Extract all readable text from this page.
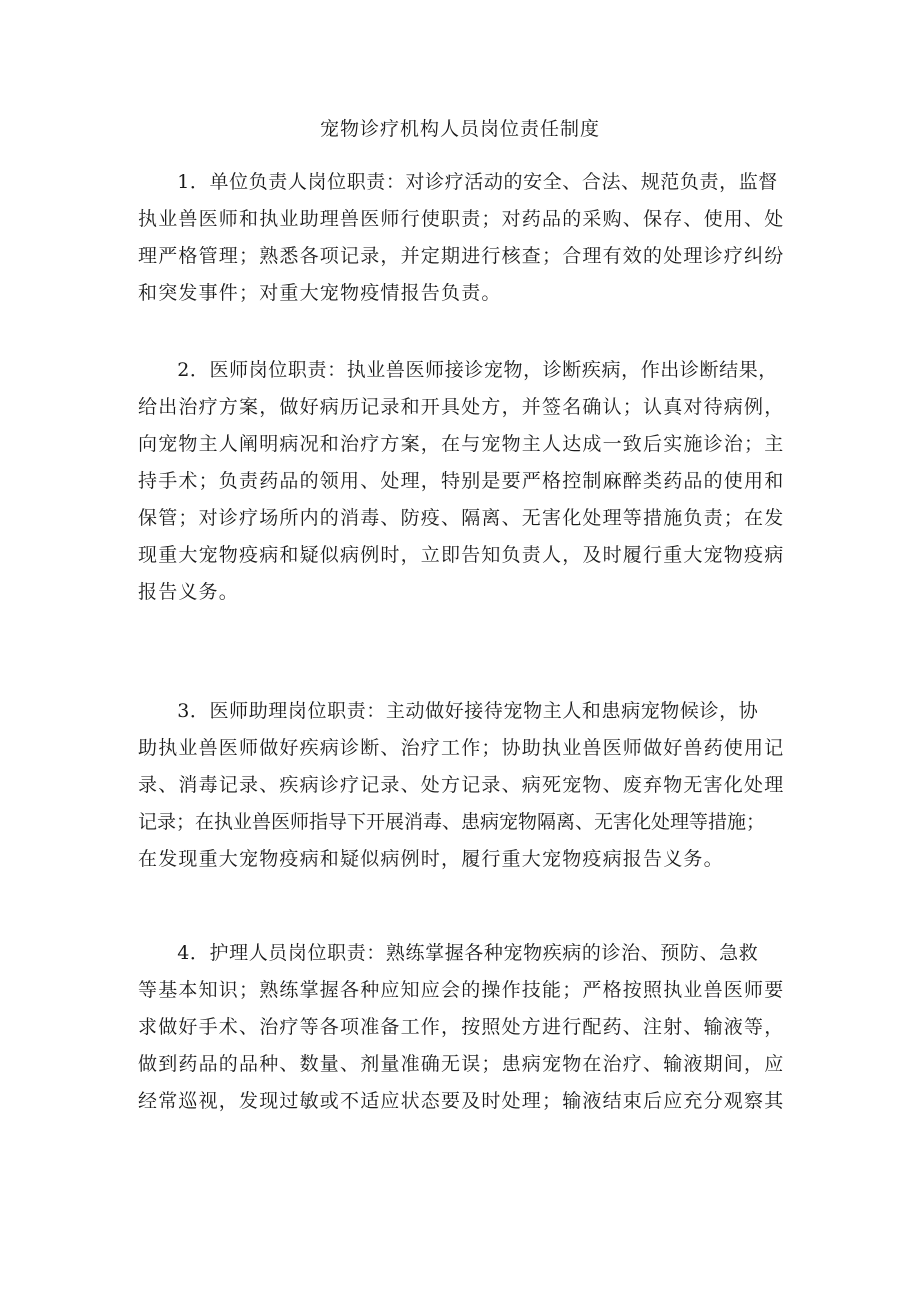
宠物诊疗机构人员岗位责任制度
　　1．单位负责人岗位职责：对诊疗活动的安全、合法、规范负责，监督
执业兽医师和执业助理兽医师行使职责；对药品的采购、保存、使用、处
理严格管理；熟悉各项记录，并定期进行核查；合理有效的处理诊疗纠纷
和突发事件；对重大宠物疫情报告负责。
　　2．医师岗位职责：执业兽医师接诊宠物，诊断疾病，作出诊断结果，
给出治疗方案，做好病历记录和开具处方，并签名确认；认真对待病例，
向宠物主人阐明病况和治疗方案，在与宠物主人达成一致后实施诊治；主
持手术；负责药品的领用、处理，特别是要严格控制麻醉类药品的使用和
保管；对诊疗场所内的消毒、防疫、隔离、无害化处理等措施负责；在发
现重大宠物疫病和疑似病例时，立即告知负责人，及时履行重大宠物疫病
报告义务。
　　3．医师助理岗位职责：主动做好接待宠物主人和患病宠物候诊，协
助执业兽医师做好疾病诊断、治疗工作；协助执业兽医师做好兽药使用记
录、消毒记录、疾病诊疗记录、处方记录、病死宠物、废弃物无害化处理
记录；在执业兽医师指导下开展消毒、患病宠物隔离、无害化处理等措施；
在发现重大宠物疫病和疑似病例时，履行重大宠物疫病报告义务。
　　4．护理人员岗位职责：熟练掌握各种宠物疾病的诊治、预防、急救
等基本知识；熟练掌握各种应知应会的操作技能；严格按照执业兽医师要
求做好手术、治疗等各项准备工作，按照处方进行配药、注射、输液等，
做到药品的品种、数量、剂量准确无误；患病宠物在治疗、输液期间，应
经常巡视，发现过敏或不适应状态要及时处理；输液结束后应充分观察其
